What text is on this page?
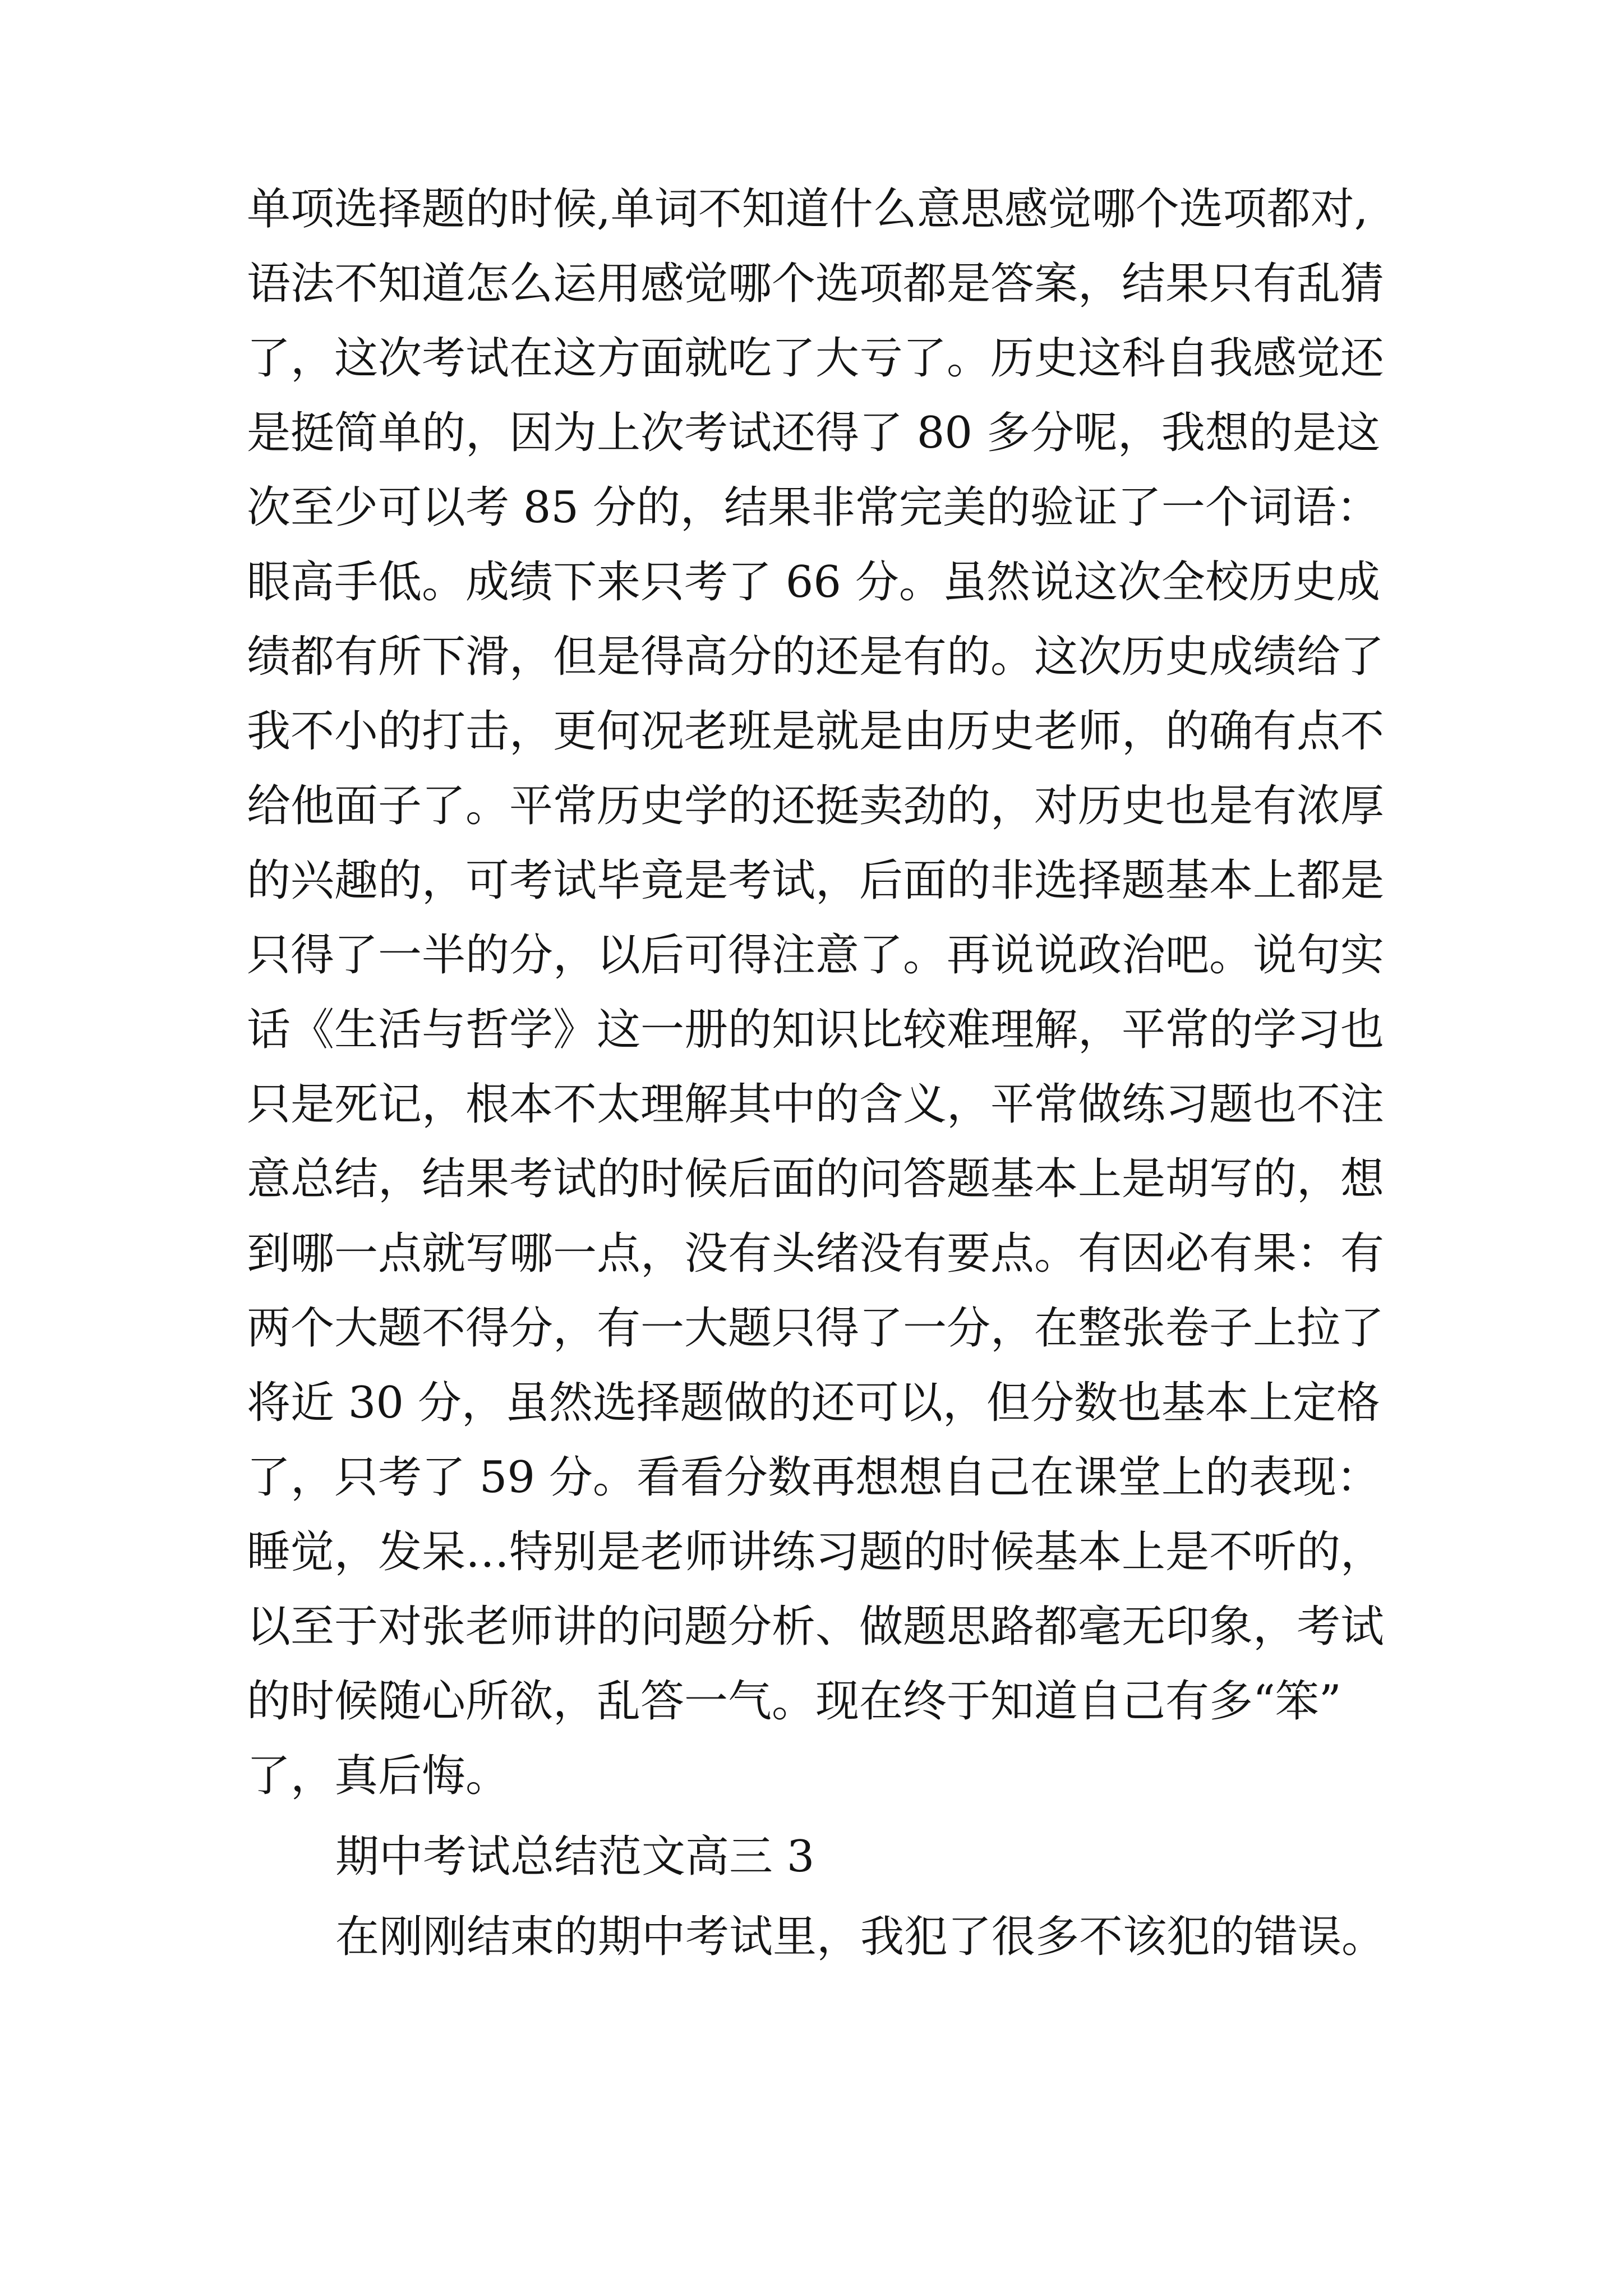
单项选择题的时候,单词不知道什么意思感觉哪个选项都对,
语法不知道怎么运用感觉哪个选项都是答案，结果只有乱猜
了，这次考试在这方面就吃了大亏了。历史这科自我感觉还
是挺简单的，因为上次考试还得了 80 多分呢，我想的是这
次至少可以考 85 分的，结果非常完美的验证了一个词语：
眼高手低。成绩下来只考了 66 分。虽然说这次全校历史成
绩都有所下滑，但是得高分的还是有的。这次历史成绩给了
我不小的打击，更何况老班是就是由历史老师，的确有点不
给他面子了。平常历史学的还挺卖劲的，对历史也是有浓厚
的兴趣的，可考试毕竟是考试，后面的非选择题基本上都是
只得了一半的分，以后可得注意了。再说说政治吧。说句实
话《生活与哲学》这一册的知识比较难理解，平常的学习也
只是死记，根本不太理解其中的含义，平常做练习题也不注
意总结，结果考试的时候后面的问答题基本上是胡写的，想
到哪一点就写哪一点，没有头绪没有要点。有因必有果：有
两个大题不得分，有一大题只得了一分，在整张卷子上拉了
将近 30 分，虽然选择题做的还可以，但分数也基本上定格
了，只考了 59 分。看看分数再想想自己在课堂上的表现：
睡觉，发呆…特别是老师讲练习题的时候基本上是不听的，
以至于对张老师讲的问题分析、做题思路都毫无印象，考试
的时候随心所欲，乱答一气。现在终于知道自己有多“笨”
了，真后悔。
期中考试总结范文高三 3
在刚刚结束的期中考试里，我犯了很多不该犯的错误。
